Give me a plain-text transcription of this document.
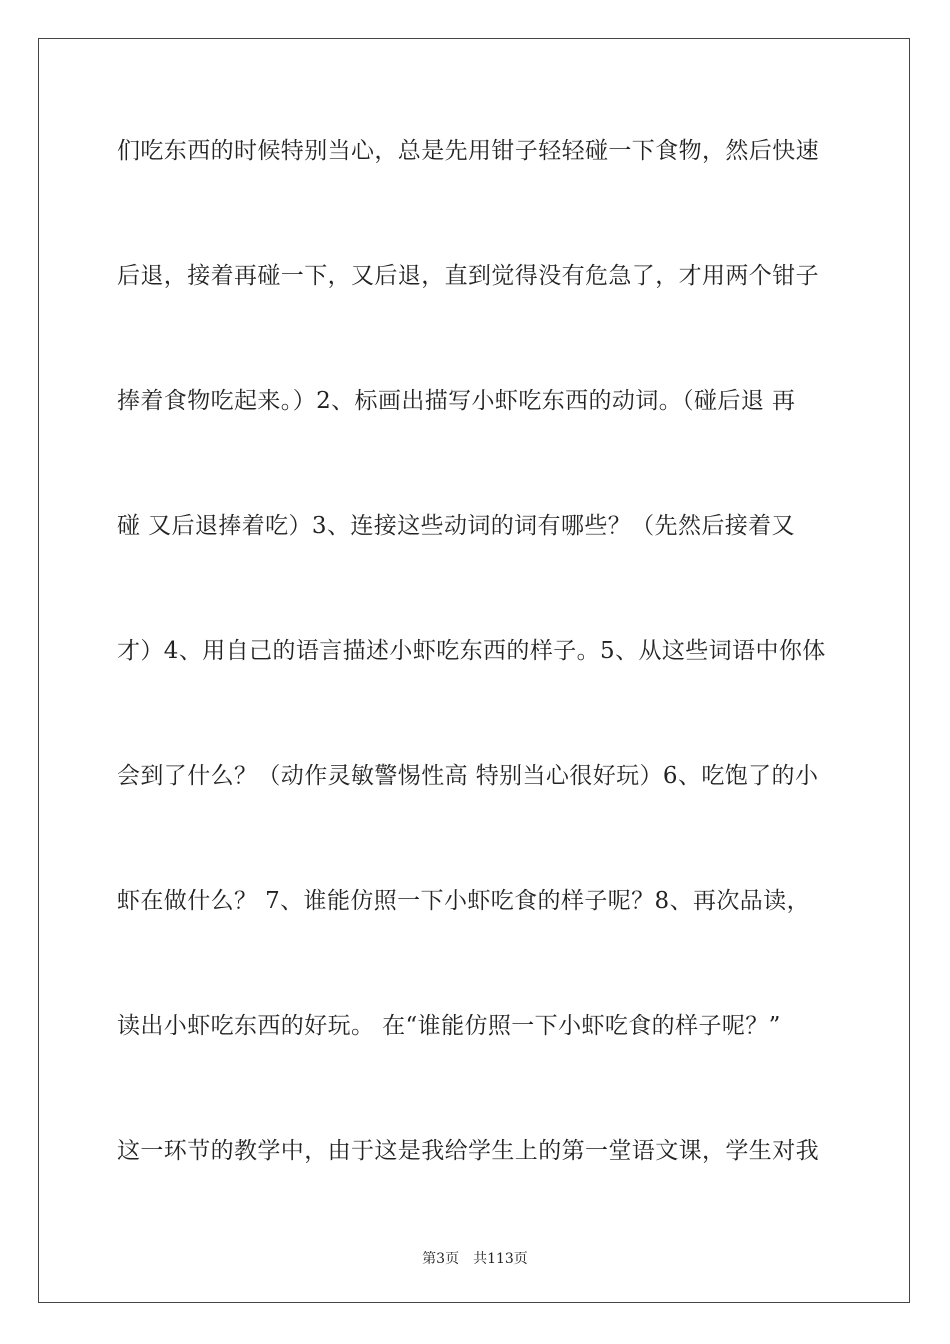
们吃东西的时候特别当心，总是先用钳子轻轻碰一下食物，然后快速
后退，接着再碰一下，又后退，直到觉得没有危急了，才用两个钳子
捧着食物吃起来。）2、标画出描写小虾吃东西的动词。（碰后退 再
碰 又后退捧着吃）3、连接这些动词的词有哪些？（先然后接着又
才）4、用自己的语言描述小虾吃东西的样子。5、从这些词语中你体
会到了什么？（动作灵敏警惕性高 特别当心很好玩）6、吃饱了的小
虾在做什么？ 7、谁能仿照一下小虾吃食的样子呢？8、再次品读，
读出小虾吃东西的好玩。 在“谁能仿照一下小虾吃食的样子呢？”
这一环节的教学中，由于这是我给学生上的第一堂语文课，学生对我
第3页　共113页
